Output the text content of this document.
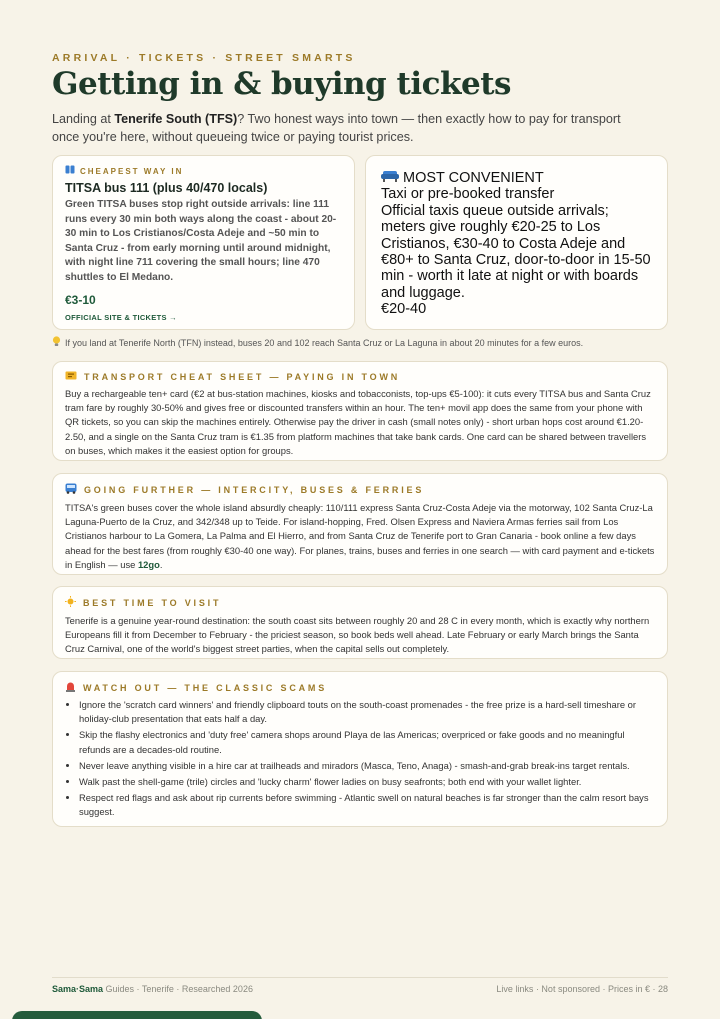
ARRIVAL · TICKETS · STREET SMARTS
Getting in & buying tickets
Landing at Tenerife South (TFS)? Two honest ways into town — then exactly how to pay for transport once you're here, without queueing twice or paying tourist prices.
CHEAPEST WAY IN
TITSA bus 111 (plus 40/470 locals)
Green TITSA buses stop right outside arrivals: line 111 runs every 30 min both ways along the coast - about 20-30 min to Los Cristianos/Costa Adeje and ~50 min to Santa Cruz - from early morning until around midnight, with night line 711 covering the small hours; line 470 shuttles to El Medano.
€3-10
OFFICIAL SITE & TICKETS →
MOST CONVENIENT
Taxi or pre-booked transfer
Official taxis queue outside arrivals; meters give roughly €20-25 to Los Cristianos, €30-40 to Costa Adeje and €80+ to Santa Cruz, door-to-door in 15-50 min - worth it late at night or with boards and luggage.
€20-40
If you land at Tenerife North (TFN) instead, buses 20 and 102 reach Santa Cruz or La Laguna in about 20 minutes for a few euros.
TRANSPORT CHEAT SHEET — PAYING IN TOWN
Buy a rechargeable ten+ card (€2 at bus-station machines, kiosks and tobacconists, top-ups €5-100): it cuts every TITSA bus and Santa Cruz tram fare by roughly 30-50% and gives free or discounted transfers within an hour. The ten+ movil app does the same from your phone with QR tickets, so you can skip the machines entirely. Otherwise pay the driver in cash (small notes only) - short urban hops cost around €1.20-2.50, and a single on the Santa Cruz tram is €1.35 from platform machines that take bank cards. One card can be shared between travellers on buses, which makes it the easiest option for groups.
GOING FURTHER — INTERCITY, BUSES & FERRIES
TITSA's green buses cover the whole island absurdly cheaply: 110/111 express Santa Cruz-Costa Adeje via the motorway, 102 Santa Cruz-La Laguna-Puerto de la Cruz, and 342/348 up to Teide. For island-hopping, Fred. Olsen Express and Naviera Armas ferries sail from Los Cristianos harbour to La Gomera, La Palma and El Hierro, and from Santa Cruz de Tenerife port to Gran Canaria - book online a few days ahead for the best fares (from roughly €30-40 one way). For planes, trains, buses and ferries in one search — with card payment and e-tickets in English — use 12go.
BEST TIME TO VISIT
Tenerife is a genuine year-round destination: the south coast sits between roughly 20 and 28 C in every month, which is exactly why northern Europeans fill it from December to February - the priciest season, so book beds well ahead. Late February or early March brings the Santa Cruz Carnival, one of the world's biggest street parties, when the capital sells out completely.
WATCH OUT — THE CLASSIC SCAMS
• Ignore the 'scratch card winners' and friendly clipboard touts on the south-coast promenades - the free prize is a hard-sell timeshare or holiday-club presentation that eats half a day.
• Skip the flashy electronics and 'duty free' camera shops around Playa de las Americas; overpriced or fake goods and no meaningful refunds are a decades-old routine.
• Never leave anything visible in a hire car at trailheads and miradors (Masca, Teno, Anaga) - smash-and-grab break-ins target rentals.
• Walk past the shell-game (trile) circles and 'lucky charm' flower ladies on busy seafronts; both end with your wallet lighter.
• Respect red flags and ask about rip currents before swimming - Atlantic swell on natural beaches is far stronger than the calm resort bays suggest.
Sama·Sama Guides · Tenerife · Researched 2026	Live links · Not sponsored · Prices in € · 28
